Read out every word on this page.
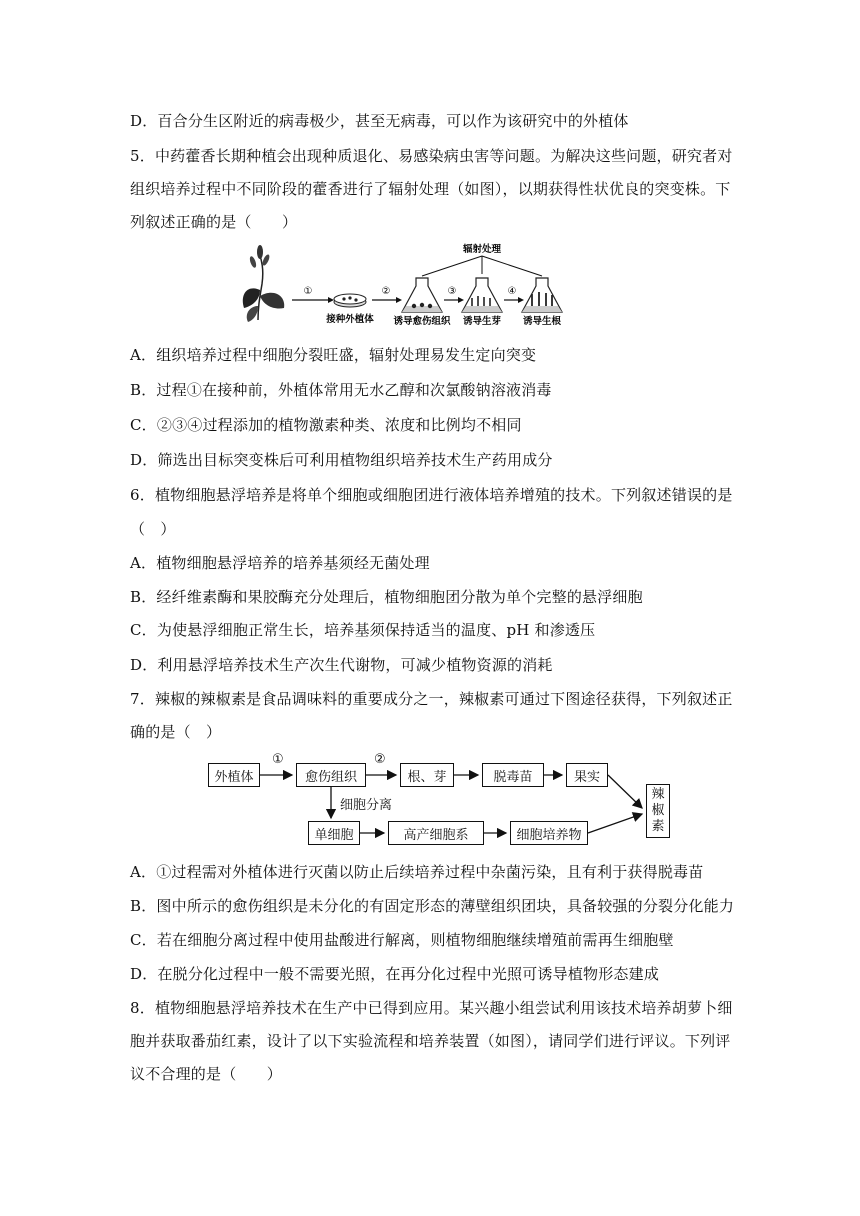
D．百合分生区附近的病毒极少，甚至无病毒，可以作为该研究中的外植体
5．中药藿香长期种植会出现种质退化、易感染病虫害等问题。为解决这些问题，研究者对
组织培养过程中不同阶段的藿香进行了辐射处理（如图），以期获得性状优良的突变株。下
列叙述正确的是（　　）
①
接种外植体
②
辐射处理
诱导愈伤组织
③
诱导生芽
④
诱导生根
A．组织培养过程中细胞分裂旺盛，辐射处理易发生定向突变
B．过程①在接种前，外植体常用无水乙醇和次氯酸钠溶液消毒
C．②③④过程添加的植物激素种类、浓度和比例均不相同
D．筛选出目标突变株后可利用植物组织培养技术生产药用成分
6．植物细胞悬浮培养是将单个细胞或细胞团进行液体培养增殖的技术。下列叙述错误的是
（　）
A．植物细胞悬浮培养的培养基须经无菌处理
B．经纤维素酶和果胶酶充分处理后，植物细胞团分散为单个完整的悬浮细胞
C．为使悬浮细胞正常生长，培养基须保持适当的温度、pH 和渗透压
D．利用悬浮培养技术生产次生代谢物，可减少植物资源的消耗
7．辣椒的辣椒素是食品调味料的重要成分之一，辣椒素可通过下图途径获得，下列叙述正
确的是（　）
外植体
①
愈伤组织
②
根、芽	脱毒苗	果实
细胞分离
单细胞	高产细胞系	细胞培养物
辣
椒
素
A．①过程需对外植体进行灭菌以防止后续培养过程中杂菌污染，且有利于获得脱毒苗
B．图中所示的愈伤组织是未分化的有固定形态的薄壁组织团块，具备较强的分裂分化能力
C．若在细胞分离过程中使用盐酸进行解离，则植物细胞继续增殖前需再生细胞壁
D．在脱分化过程中一般不需要光照，在再分化过程中光照可诱导植物形态建成
8．植物细胞悬浮培养技术在生产中已得到应用。某兴趣小组尝试利用该技术培养胡萝卜细
胞并获取番茄红素，设计了以下实验流程和培养装置（如图），请同学们进行评议。下列评
议不合理的是（　　）
